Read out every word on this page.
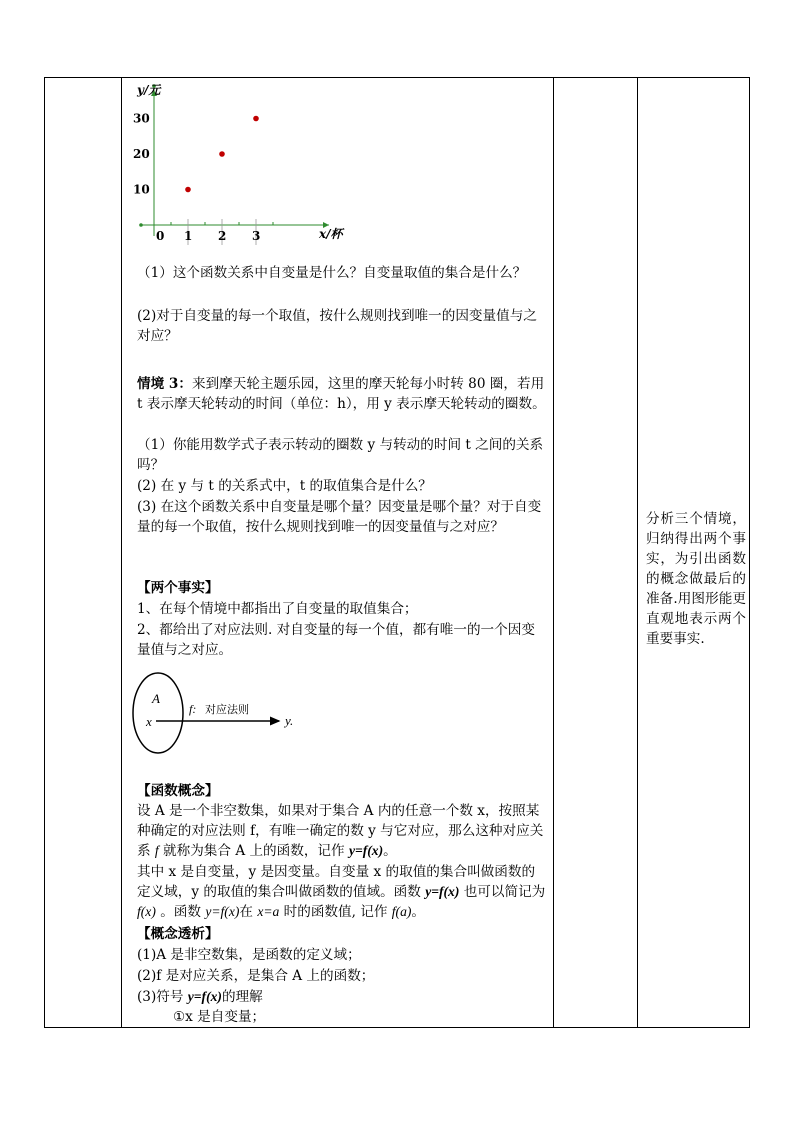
0 1 2 3
10
20
30
y/元
x/杯
（1）这个函数关系中自变量是什么？自变量取值的集合是什么？
(2)对于自变量的每一个取值，按什么规则找到唯一的因变量值与之对应？
情境 3：来到摩天轮主题乐园，这里的摩天轮每小时转 80 圈，若用 t 表示摩天轮转动的时间（单位：h），用 y 表示摩天轮转动的圈数。
（1）你能用数学式子表示转动的圈数 y 与转动的时间 t 之间的关系吗？
(2) 在 y 与 t 的关系式中，t 的取值集合是什么？
(3) 在这个函数关系中自变量是哪个量？因变量是哪个量？对于自变量的每一个取值，按什么规则找到唯一的因变量值与之对应？
【两个事实】
1、在每个情境中都指出了自变量的取值集合；
2、都给出了对应法则. 对自变量的每一个值，都有唯一的一个因变量值与之对应。
A
x
f: 对应法则
y.
【函数概念】
设 A 是一个非空数集，如果对于集合 A 内的任意一个数 x，按照某种确定的对应法则 f，有唯一确定的数 y 与它对应，那么这种对应关系 f 就称为集合 A 上的函数，记作 y=f(x)。
其中 x 是自变量，y 是因变量。自变量 x 的取值的集合叫做函数的定义域，y 的取值的集合叫做函数的值域。函数 y=f(x) 也可以简记为 f(x) 。函数 y=f(x)在 x=a 时的函数值, 记作 f(a)。
【概念透析】
(1)A 是非空数集，是函数的定义域；
(2)f 是对应关系，是集合 A 上的函数；
(3)符号 y=f(x)的理解
①x 是自变量；
分析三个情境，归纳得出两个事实，为引出函数的概念做最后的准备.用图形能更直观地表示两个重要事实.
